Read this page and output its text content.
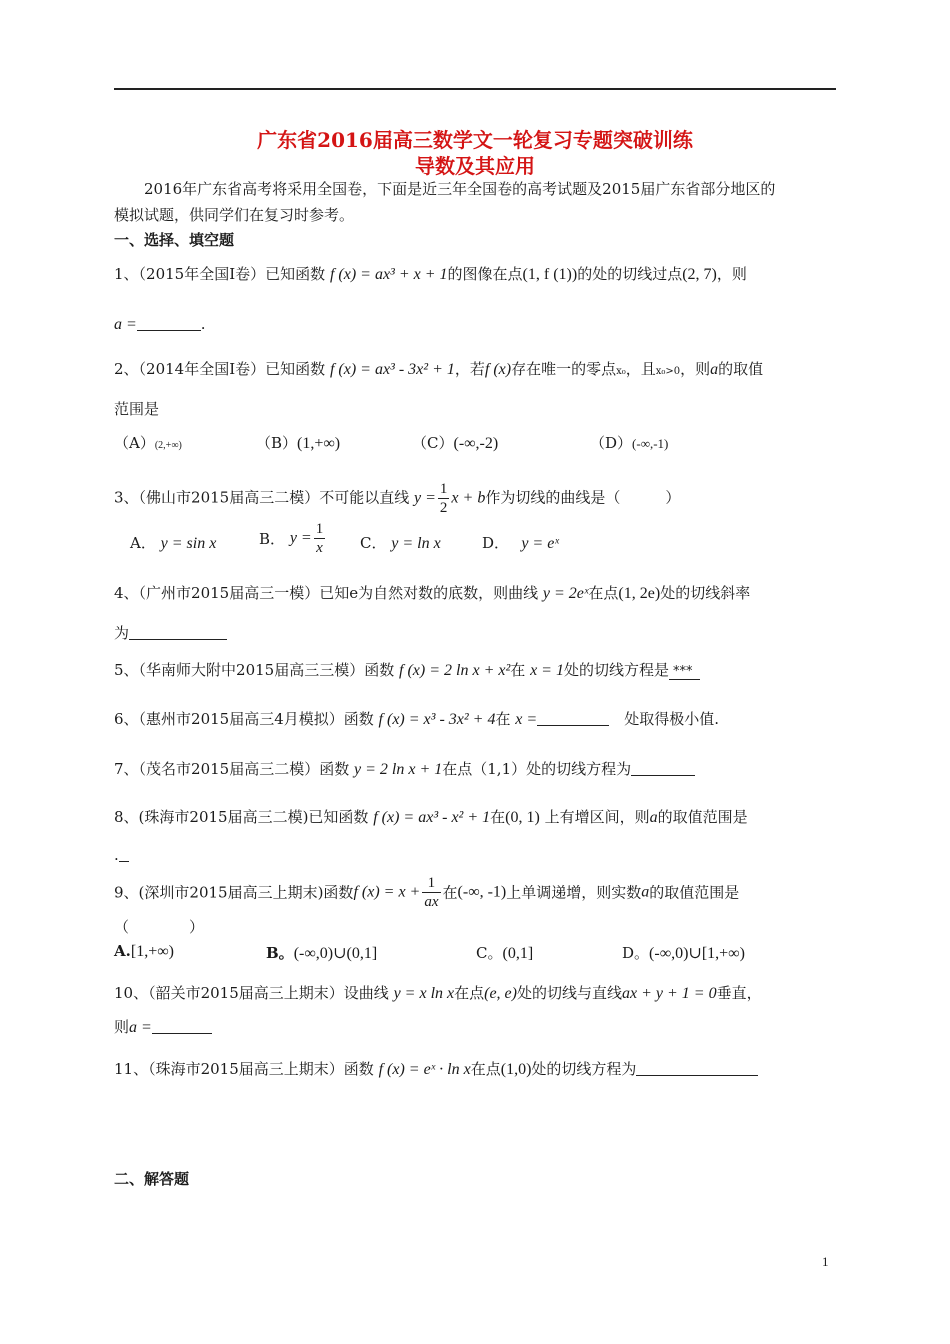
广东省2016届高三数学文一轮复习专题突破训练
导数及其应用
2016年广东省高考将采用全国卷，下面是近三年全国卷的高考试题及2015届广东省部分地区的
模拟试题，供同学们在复习时参考。
一、选择、填空题
1、（2015年全国Ⅰ卷）已知函数 f (x) = ax³ + x + 1的图像在点(1, f (1))的处的切线过点(2, 7)，则
a =	.
2、（2014年全国Ⅰ卷）已知函数 f (x) = ax³ - 3x² + 1，若f (x)存在唯一的零点x₀，且x₀>0，则a的取值
范围是
（A）(2,+∞)	（B）(1,+∞)	（C）(-∞,-2)	（D）(-∞,-1)
3、（佛山市2015届高三二模）不可能以直线 $y = \frac{1}{2}$ x + b作为切线的曲线是（　　　）
A． y = sin x	B． $y = \frac{1}{x}$ C． y = ln x	D．　 y = eˣ
4、（广州市2015届高三一模）已知e为自然对数的底数，则曲线 y = 2eˣ在点(1, 2e)处的切线斜率
为
5、（华南师大附中2015届高三三模）函数 f (x) = 2 ln x + x²在 x = 1处的切线方程是 ***
6、（惠州市2015届高三4月模拟）函数 f (x) = x³ - 3x² + 4在 x =　	处取得极小值.
7、（茂名市2015届高三二模）函数 y = 2 ln x + 1在点（1,1）处的切线方程为
8、(珠海市2015届高三二模)已知函数 f (x) = ax³ - x² + 1在(0, 1) 上有增区间，则a的取值范围是
.
9、(深圳市2015届高三上期末)函数f $(x) = x + \frac{1}{ax}$ 在(-∞, -1)上单调递增，则实数a的取值范围是
（　　　　）
A.[1,+∞)	B。(-∞,0)∪(0,1]	C。(0,1]	D。(-∞,0)∪[1,+∞)
10、（韶关市2015届高三上期末）设曲线 y = x ln x在点(e, e)处的切线与直线ax + y + 1 = 0垂直，
则a =
11、（珠海市2015届高三上期末）函数 f (x) = eˣ · ln x在点(1,0)处的切线方程为
二、解答题
1
